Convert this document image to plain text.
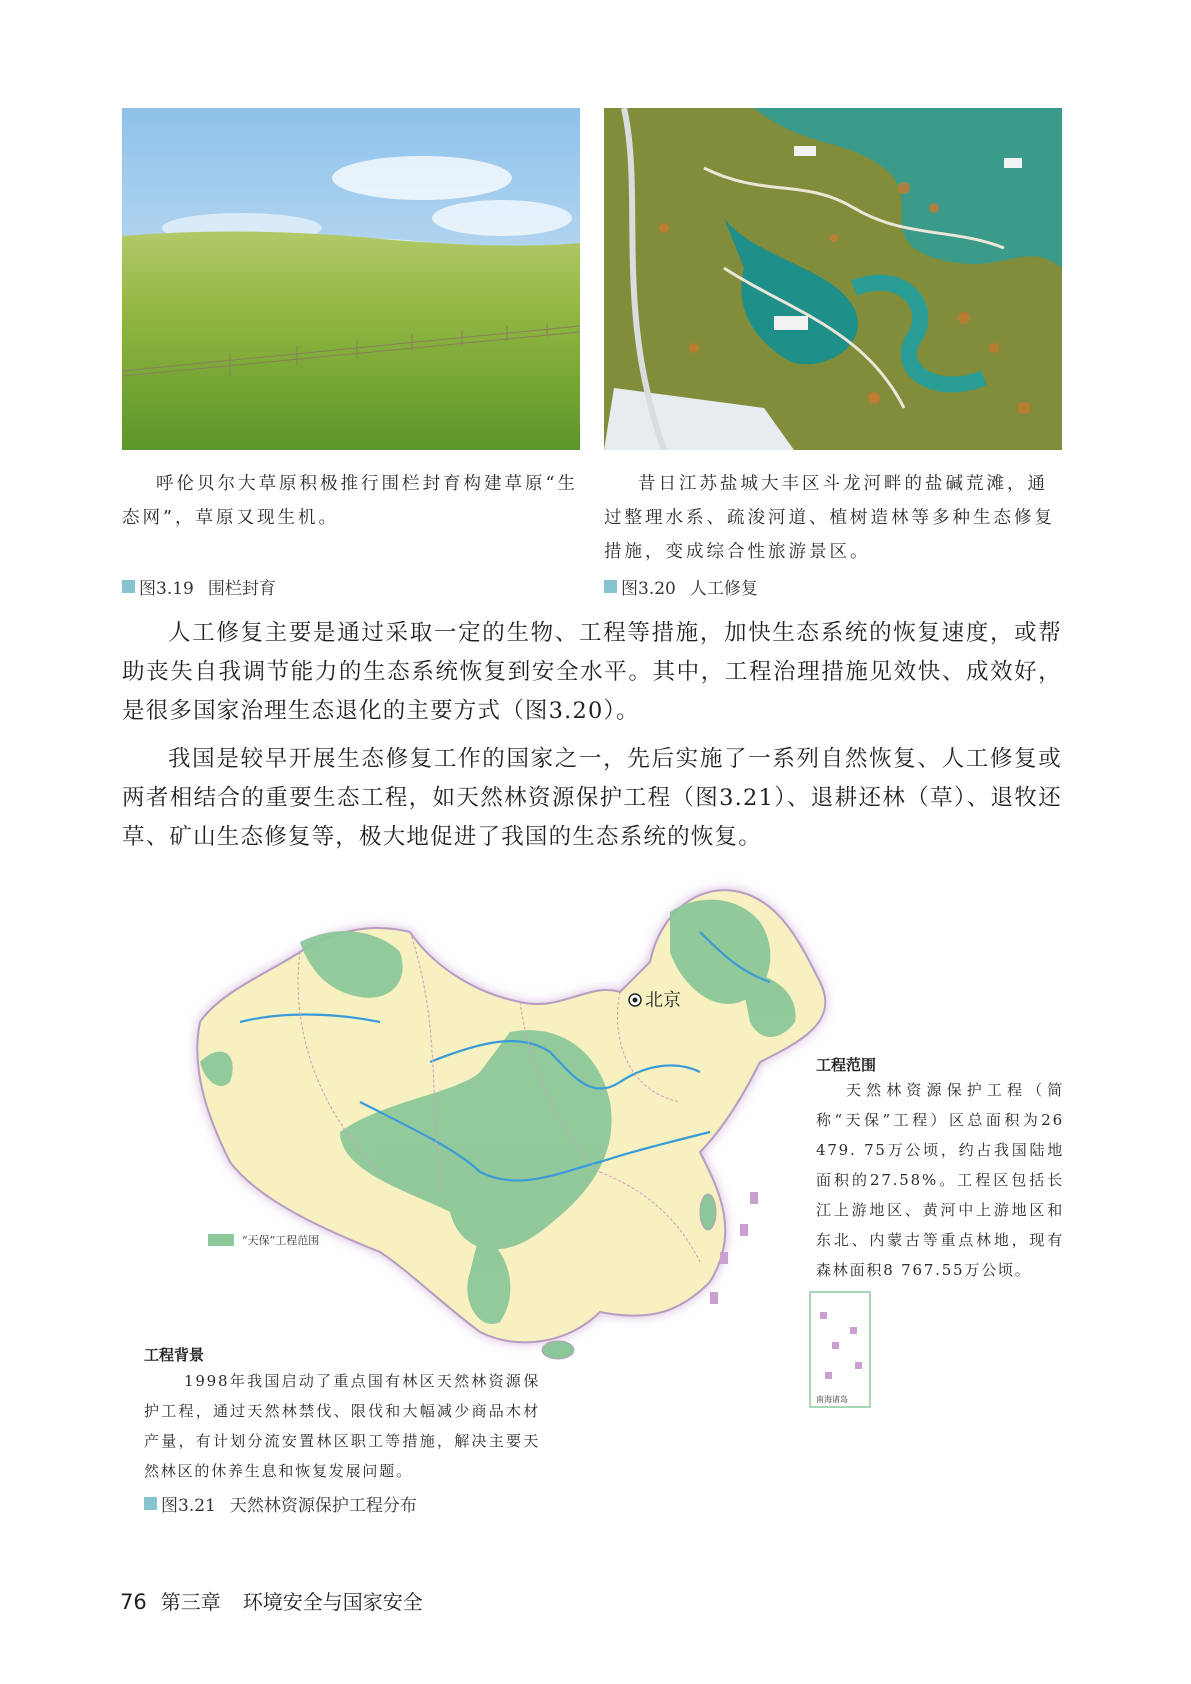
呼伦贝尔大草原积极推行围栏封育构建草原“生态网”，草原又现生机。
昔日江苏盐城大丰区斗龙河畔的盐碱荒滩，通过整理水系、疏浚河道、植树造林等多种生态修复措施，变成综合性旅游景区。
图3.19 围栏封育	图3.20 人工修复
人工修复主要是通过采取一定的生物、工程等措施，加快生态系统的恢复速度，或帮助丧失自我调节能力的生态系统恢复到安全水平。其中，工程治理措施见效快、成效好，是很多国家治理生态退化的主要方式（图3.20）。
我国是较早开展生态修复工作的国家之一，先后实施了一系列自然恢复、人工修复或两者相结合的重要生态工程，如天然林资源保护工程（图3.21）、退耕还林（草）、退牧还草、矿山生态修复等，极大地促进了我国的生态系统的恢复。
北京
“天保”工程范围
南海诸岛
工程范围
天然林资源保护工程（简称“天保”工程）区总面积为26 479. 75万公顷，约占我国陆地面积的27.58%。工程区包括长江上游地区、黄河中上游地区和东北、内蒙古等重点林地，现有森林面积8 767.55万公顷。
工程背景
1998年我国启动了重点国有林区天然林资源保护工程，通过天然林禁伐、限伐和大幅减少商品木材产量，有计划分流安置林区职工等措施，解决主要天然林区的休养生息和恢复发展问题。
图3.21 天然林资源保护工程分布
76 第三章 环境安全与国家安全
